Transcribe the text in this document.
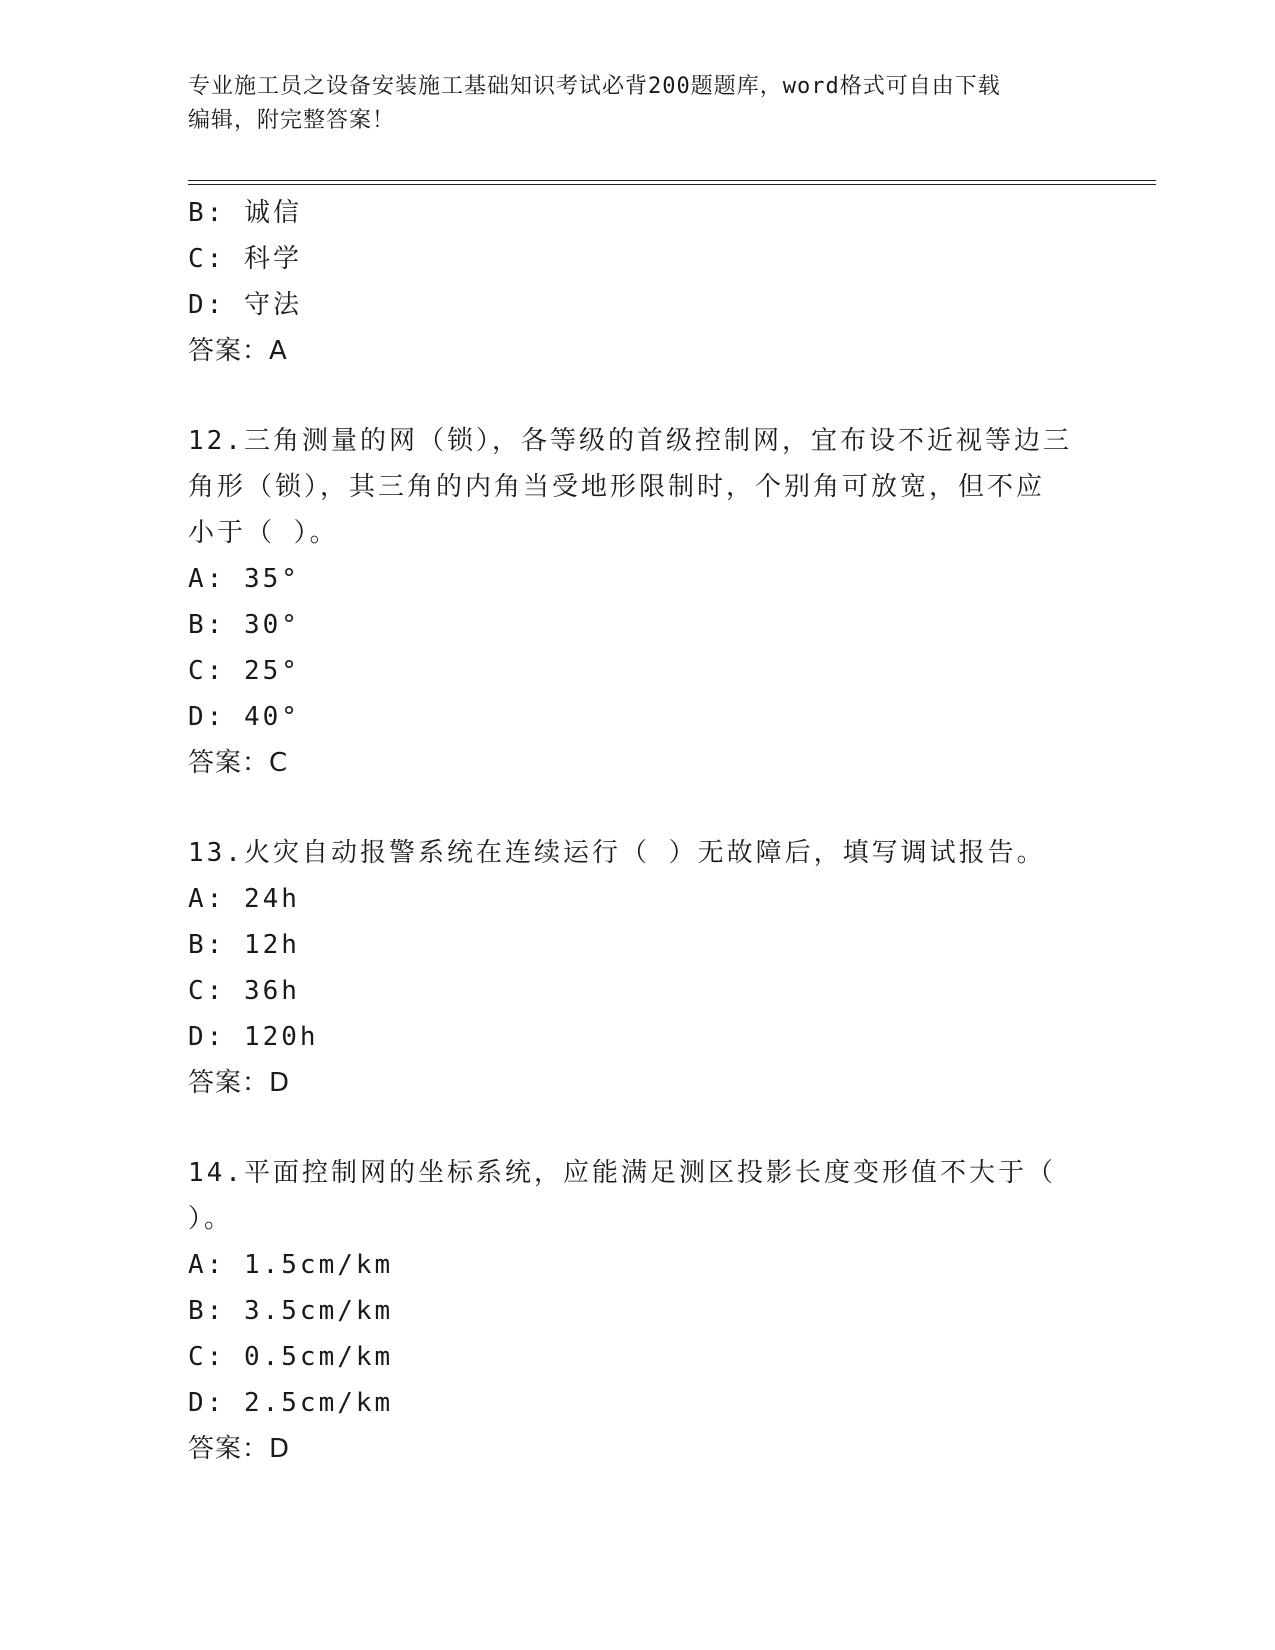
专业施工员之设备安装施工基础知识考试必背200题题库，word格式可自由下载
编辑，附完整答案！
B: 诚信
C: 科学
D: 守法
答案：A
12.三角测量的网（锁），各等级的首级控制网，宜布设不近视等边三
角形（锁），其三角的内角当受地形限制时，个别角可放宽，但不应
小于（ ）。
A: 35°
B: 30°
C: 25°
D: 40°
答案：C
13.火灾自动报警系统在连续运行（ ）无故障后，填写调试报告。
A: 24h
B: 12h
C: 36h
D: 120h
答案：D
14.平面控制网的坐标系统，应能满足测区投影长度变形值不大于（
）。
A: 1.5cm/km
B: 3.5cm/km
C: 0.5cm/km
D: 2.5cm/km
答案：D
